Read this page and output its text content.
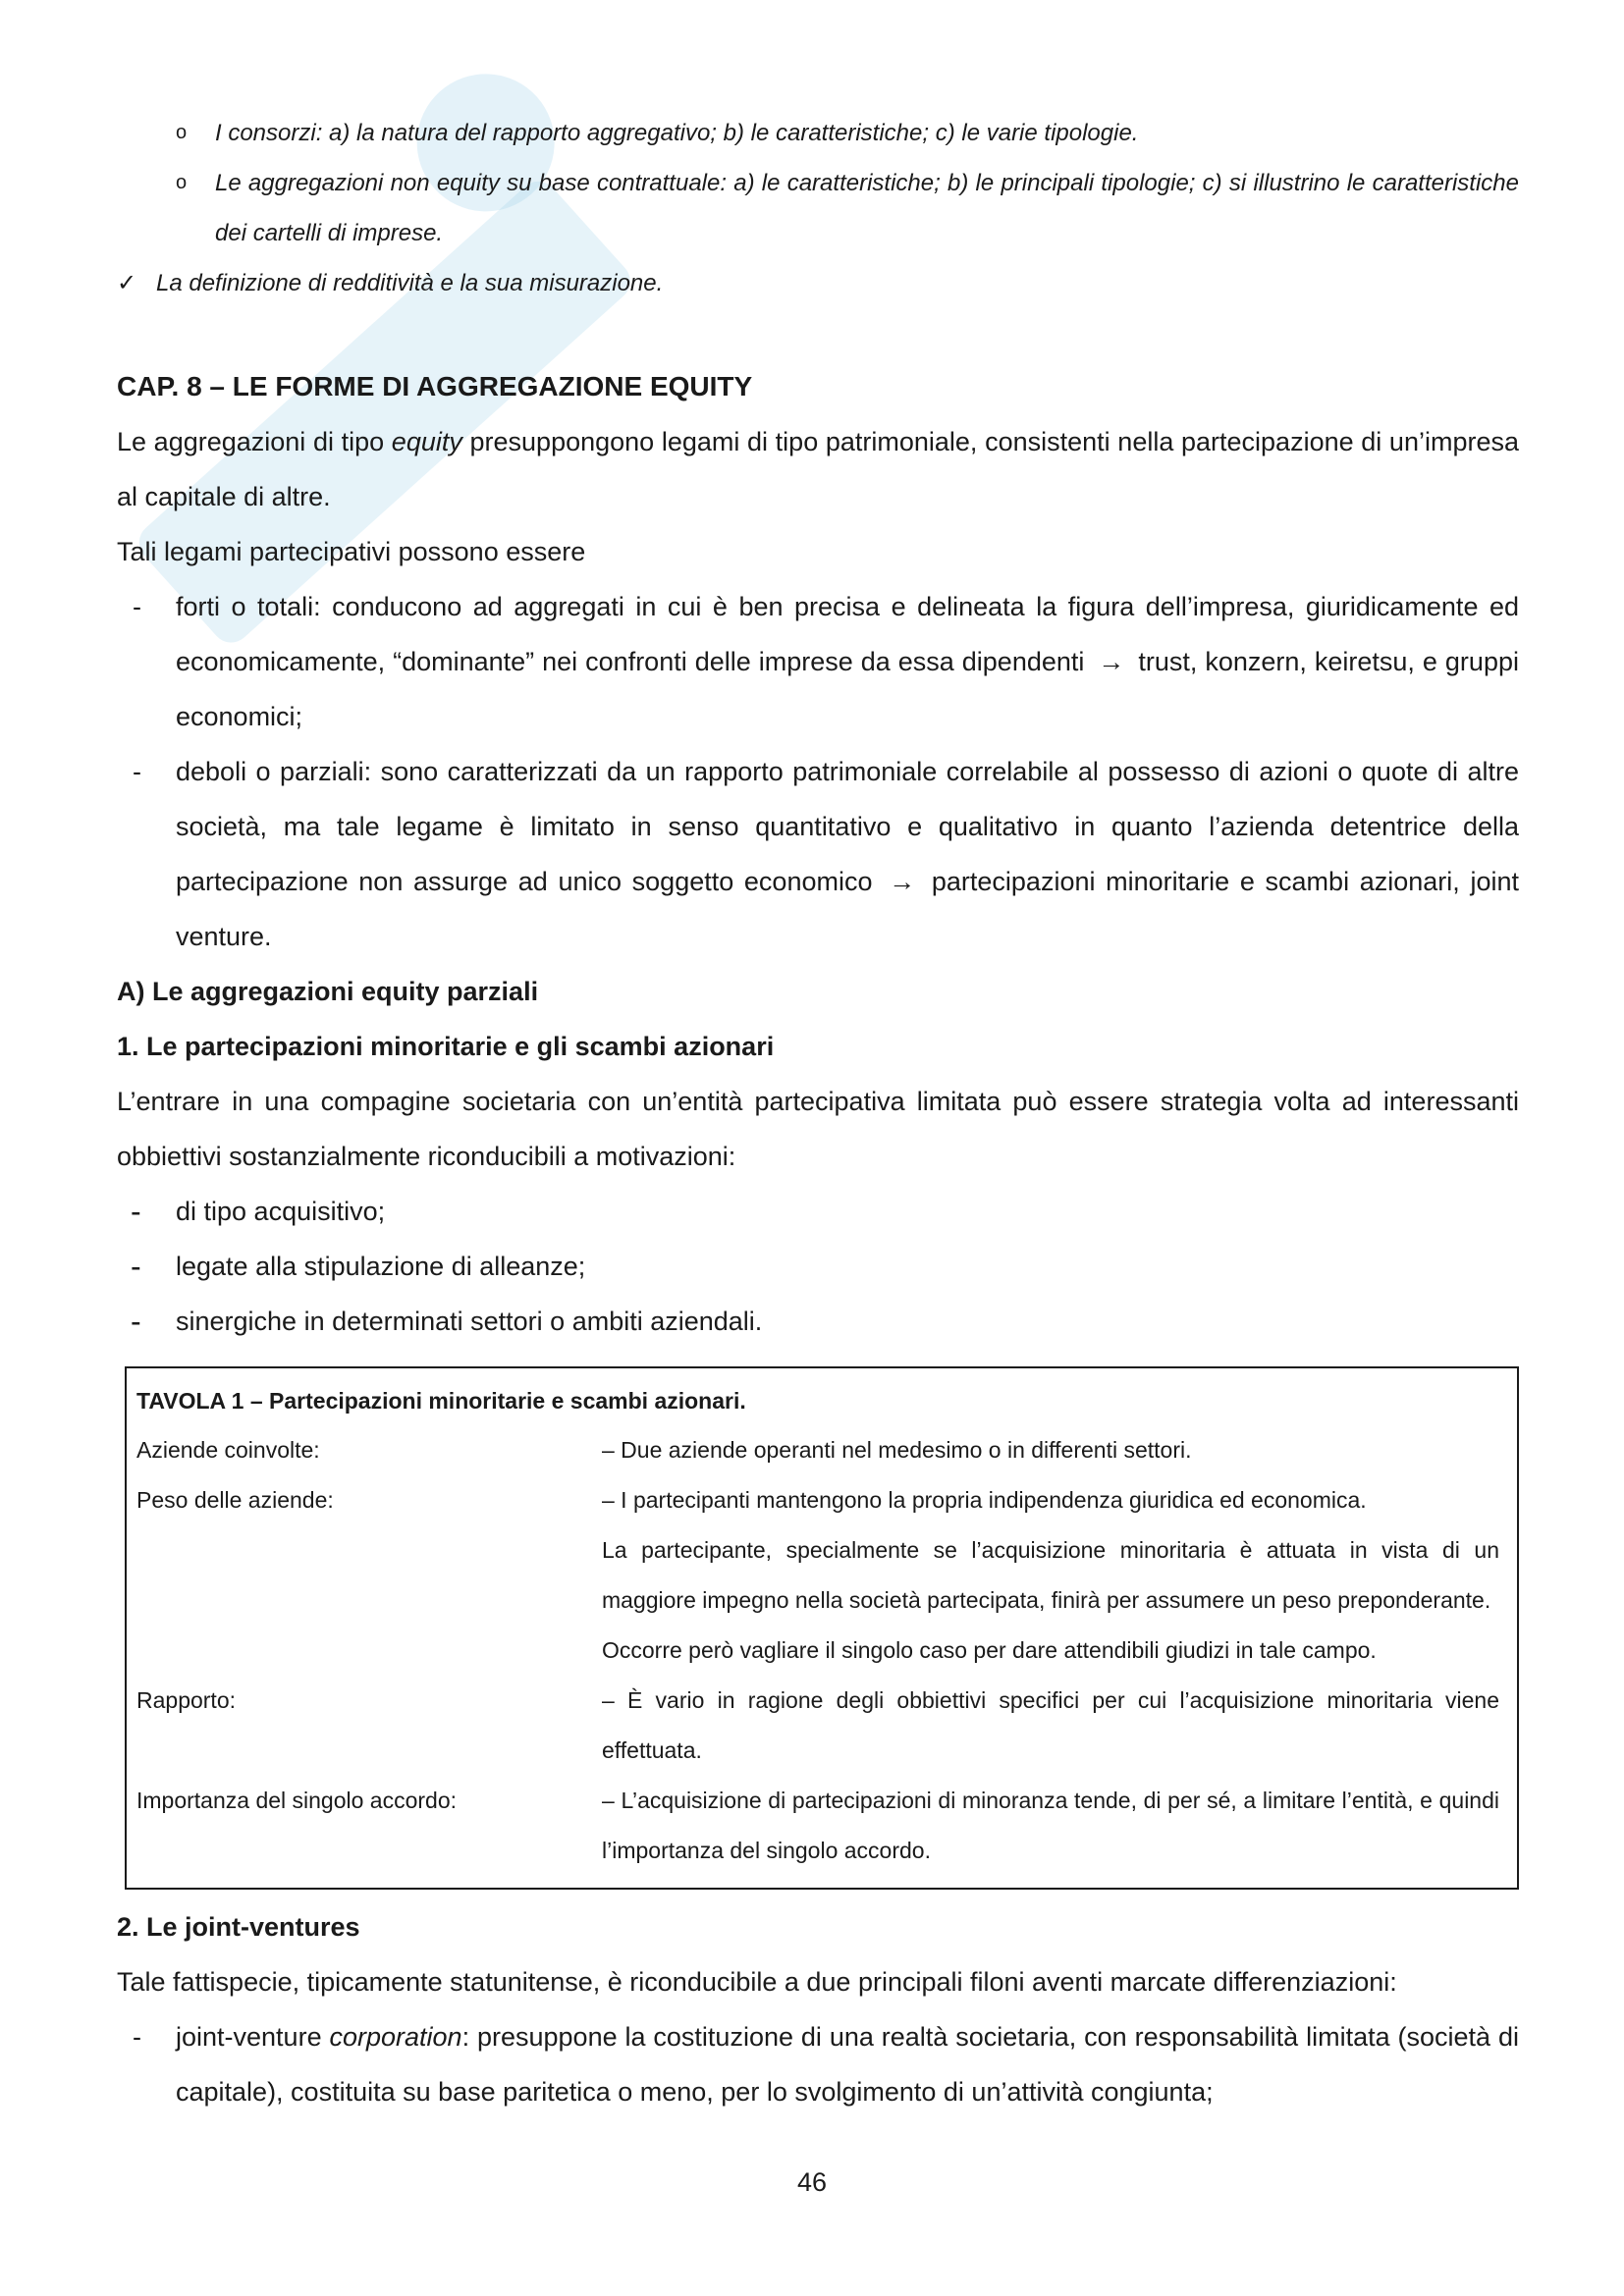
o I consorzi: a) la natura del rapporto aggregativo; b) le caratteristiche; c) le varie tipologie.
o Le aggregazioni non equity su base contrattuale: a) le caratteristiche; b) le principali tipologie; c) si illustrino le caratteristiche dei cartelli di imprese.
✓ La definizione di redditività e la sua misurazione.
CAP. 8 – LE FORME DI AGGREGAZIONE EQUITY

Le aggregazioni di tipo equity presuppongono legami di tipo patrimoniale, consistenti nella partecipazione di un’impresa al capitale di altre.

Tali legami partecipativi possono essere

- forti o totali: conducono ad aggregati in cui è ben precisa e delineata la figura dell’impresa, giuridicamente ed economicamente, “dominante” nei confronti delle imprese da essa dipendenti → trust, konzern, keiretsu, e gruppi economici;
- deboli o parziali: sono caratterizzati da un rapporto patrimoniale correlabile al possesso di azioni o quote di altre società, ma tale legame è limitato in senso quantitativo e qualitativo in quanto l’azienda detentrice della partecipazione non assurge ad unico soggetto economico → partecipazioni minoritarie e scambi azionari, joint venture.
A) Le aggregazioni equity parziali
1. Le partecipazioni minoritarie e gli scambi azionari

L’entrare in una compagine societaria con un’entità partecipativa limitata può essere strategia volta ad interessanti obbiettivi sostanzialmente riconducibili a motivazioni:

- di tipo acquisitivo;
- legate alla stipulazione di alleanze;
- sinergiche in determinati settori o ambiti aziendali.
TAVOLA 1 – Partecipazioni minoritarie e scambi azionari.
Aziende coinvolte:	– Due aziende operanti nel medesimo o in differenti settori.
Peso delle aziende:	– I partecipanti mantengono la propria indipendenza giuridica ed economica.
La partecipante, specialmente se l’acquisizione minoritaria è attuata in vista di un maggiore impegno nella società partecipata, finirà per assumere un peso preponderante.
Occorre però vagliare il singolo caso per dare attendibili giudizi in tale campo.
Rapporto:	– È vario in ragione degli obbiettivi specifici per cui l’acquisizione minoritaria viene effettuata.
Importanza del singolo accordo:	– L’acquisizione di partecipazioni di minoranza tende, di per sé, a limitare l’entità, e quindi l’importanza del singolo accordo.
2. Le joint-ventures

Tale fattispecie, tipicamente statunitense, è riconducibile a due principali filoni aventi marcate differenziazioni:

- joint-venture corporation: presuppone la costituzione di una realtà societaria, con responsabilità limitata (società di capitale), costituita su base paritetica o meno, per lo svolgimento di un’attività congiunta;
46
